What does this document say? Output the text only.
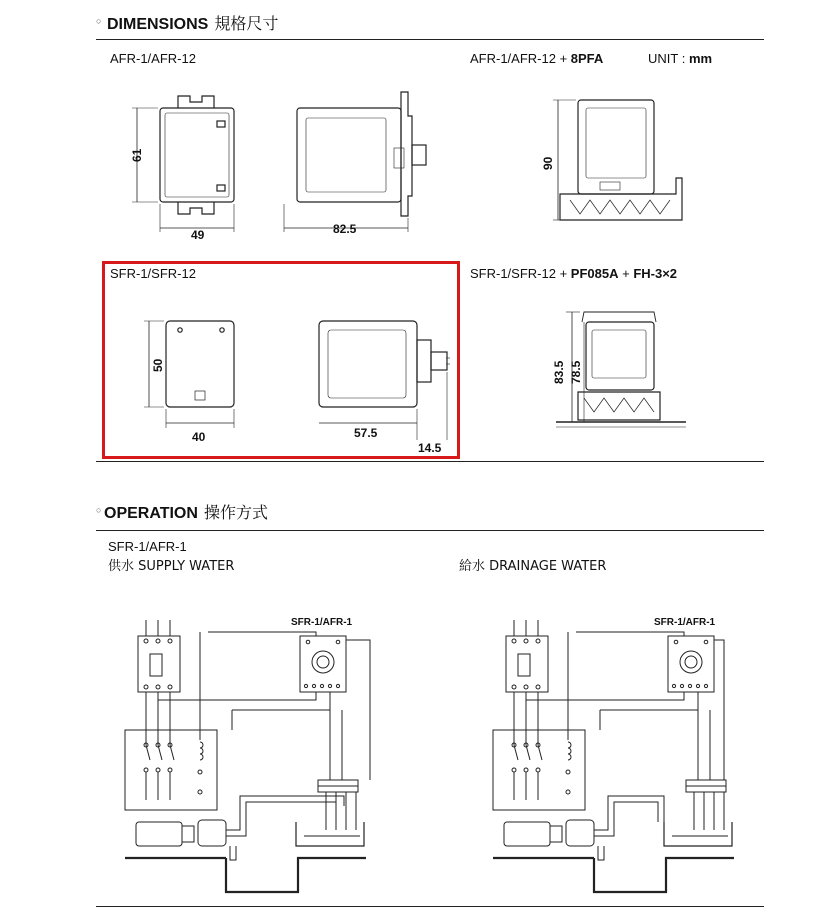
○ DIMENSIONS 規格尺寸
AFR-1/AFR-12	AFR-1/AFR-12 + 8PFA	UNIT : mm
61
49	82.5
90
SFR-1/SFR-12	SFR-1/SFR-12 + PF085A + FH-3×2
50
40	57.5
14.5
83.5 78.5
○ OPERATION 操作方式
SFR-1/AFR-1
供水 SUPPLY WATER	給水 DRAINAGE WATER
SFR-1/AFR-1	SFR-1/AFR-1
